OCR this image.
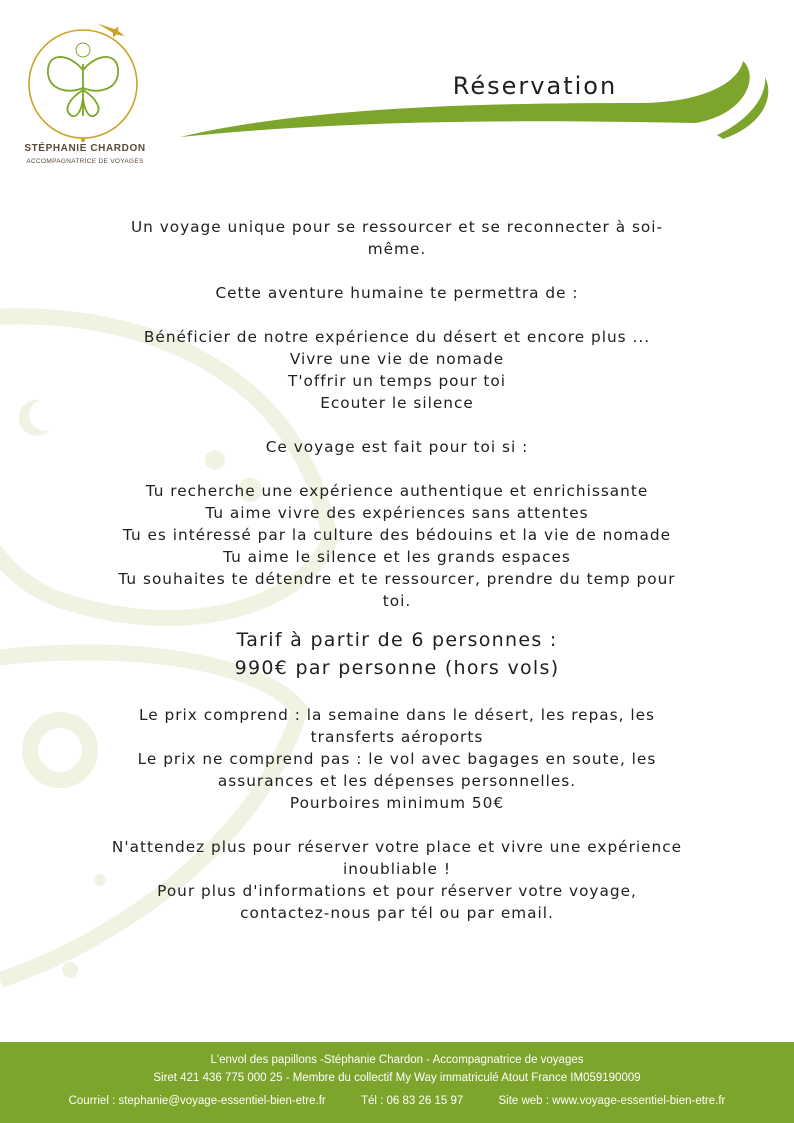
STÉPHANIE CHARDON
ACCOMPAGNATRICE DE VOYAGES
Réservation

Un voyage unique pour se ressourcer et se reconnecter à soi-

même.

Cette aventure humaine te permettra de :

Bénéficier de notre expérience du désert et encore plus ...

Vivre une vie de nomade

T'offrir un temps pour toi

Ecouter le silence

Ce voyage est fait pour toi si :

Tu recherche une expérience authentique et enrichissante

Tu aime vivre des expériences sans attentes

Tu es intéressé par la culture des bédouins et la vie de nomade

Tu aime le silence et les grands espaces

Tu souhaites te détendre et te ressourcer, prendre du temp pour

toi.

Tarif à partir de 6 personnes :

990€ par personne (hors vols)

Le prix comprend : la semaine dans le désert, les repas, les

transferts aéroports

Le prix ne comprend pas : le vol avec bagages en soute, les

assurances et les dépenses personnelles.

Pourboires minimum 50€

N'attendez plus pour réserver votre place et vivre une expérience

inoubliable !

Pour plus d'informations et pour réserver votre voyage,

contactez-nous par tél ou par email.

L'envol des papillons -Stéphanie Chardon - Accompagnatrice de voyages
Siret 421 436 775 000 25 - Membre du collectif My Way immatriculé Atout France IM059190009
Courriel : stephanie@voyage-essentiel-bien-etre.fr	Tél : 06 83 26 15 97	Site web : www.voyage-essentiel-bien-etre.fr
